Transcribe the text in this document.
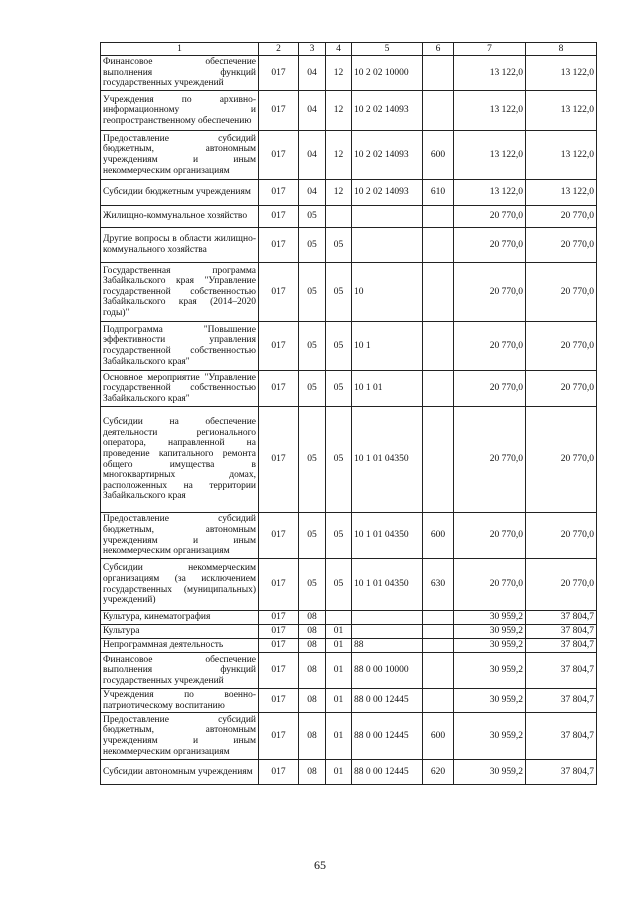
1	2	3	4	5	6	7	8
Финансовое обеспечение выполнения функций государственных учреждений	017	04	12	10 2 02 10000		13 122,0	13 122,0
Учреждения по архивно-информационному и геопространственному обеспечению	017	04	12	10 2 02 14093		13 122,0	13 122,0
Предоставление субсидий бюджетным, автономным учреждениям и иным некоммерческим организациям	017	04	12	10 2 02 14093	600	13 122,0	13 122,0
Субсидии бюджетным учреждениям	017	04	12	10 2 02 14093	610	13 122,0	13 122,0
Жилищно-коммунальное хозяйство	017	05				20 770,0	20 770,0
Другие вопросы в области жилищно-коммунального хозяйства	017	05	05			20 770,0	20 770,0
Государственная программа Забайкальского края "Управление государственной собственностью Забайкальского края (2014–2020 годы)"	017	05	05	10		20 770,0	20 770,0
Подпрограмма "Повышение эффективности управления государственной собственностью Забайкальского края"	017	05	05	10 1		20 770,0	20 770,0
Основное мероприятие "Управление государственной собственностью Забайкальского края"	017	05	05	10 1 01		20 770,0	20 770,0
Субсидии на обеспечение деятельности регионального оператора, направленной на проведение капитального ремонта общего имущества в многоквартирных домах, расположенных на территории Забайкальского края	017	05	05	10 1 01 04350		20 770,0	20 770,0
Предоставление субсидий бюджетным, автономным учреждениям и иным некоммерческим организациям	017	05	05	10 1 01 04350	600	20 770,0	20 770,0
Субсидии некоммерческим организациям (за исключением государственных (муниципальных) учреждений)	017	05	05	10 1 01 04350	630	20 770,0	20 770,0
Культура, кинематография	017	08				30 959,2	37 804,7
Культура	017	08	01			30 959,2	37 804,7
Непрограммная деятельность	017	08	01	88		30 959,2	37 804,7
Финансовое обеспечение выполнения функций государственных учреждений	017	08	01	88 0 00 10000		30 959,2	37 804,7
Учреждения по военно-патриотическому воспитанию	017	08	01	88 0 00 12445		30 959,2	37 804,7
Предоставление субсидий бюджетным, автономным учреждениям и иным некоммерческим организациям	017	08	01	88 0 00 12445	600	30 959,2	37 804,7
Субсидии автономным учреждениям	017	08	01	88 0 00 12445	620	30 959,2	37 804,7
65
